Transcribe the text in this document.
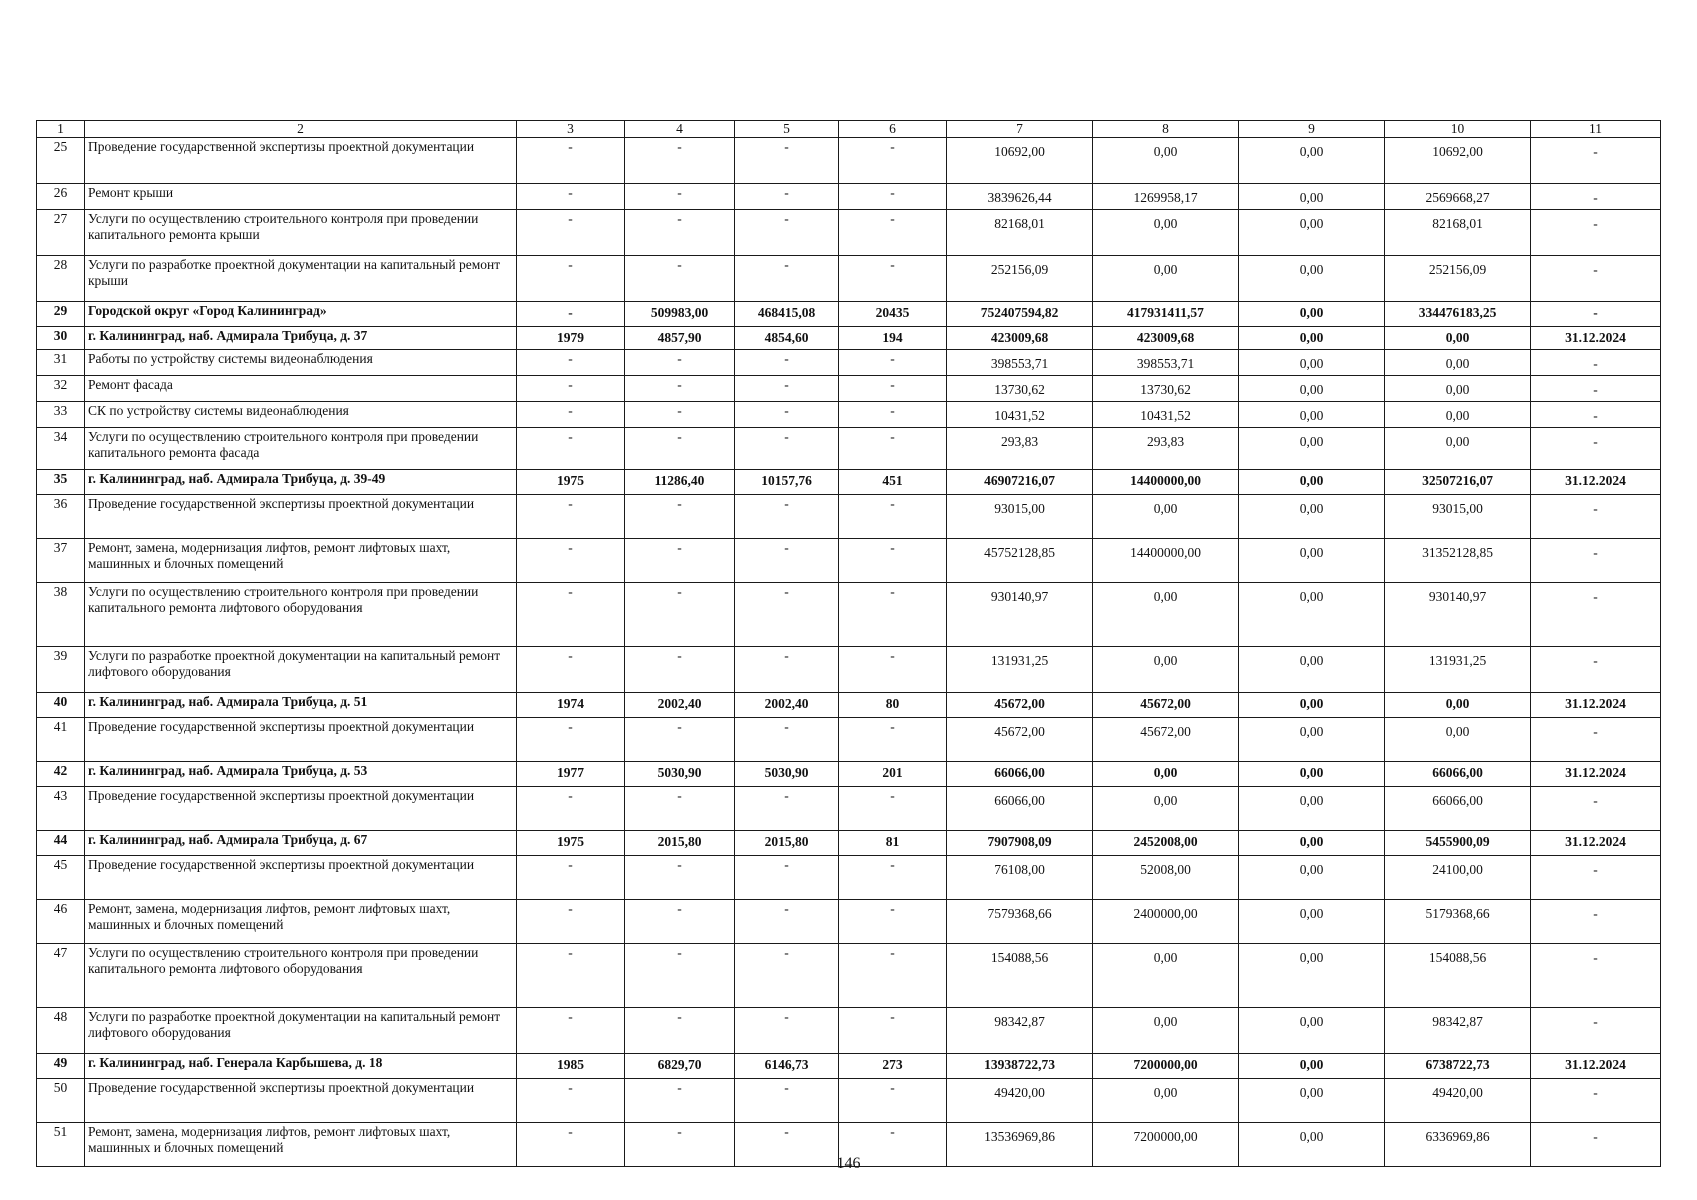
1	2	3	4	5	6	7	8	9	10	11
25	Проведение государственной экспертизы проектной документации	-	-	-	-	10692,00	0,00	0,00	10692,00	-
26	Ремонт крыши	-	-	-	-	3839626,44	1269958,17	0,00	2569668,27	-
27	Услуги по осуществлению строительного контроля при проведении капитального ремонта крыши	-	-	-	-	82168,01	0,00	0,00	82168,01	-
28	Услуги по разработке проектной документации на капитальный ремонт крыши	-	-	-	-	252156,09	0,00	0,00	252156,09	-
29	Городской округ «Город Калининград»	-	509983,00	468415,08	20435	752407594,82	417931411,57	0,00	334476183,25	-
30	г. Калининград, наб. Адмирала Трибуца, д. 37	1979	4857,90	4854,60	194	423009,68	423009,68	0,00	0,00	31.12.2024
31	Работы по устройству системы видеонаблюдения	-	-	-	-	398553,71	398553,71	0,00	0,00	-
32	Ремонт фасада	-	-	-	-	13730,62	13730,62	0,00	0,00	-
33	СК по устройству системы видеонаблюдения	-	-	-	-	10431,52	10431,52	0,00	0,00	-
34	Услуги по осуществлению строительного контроля при проведении капитального ремонта фасада	-	-	-	-	293,83	293,83	0,00	0,00	-
35	г. Калининград, наб. Адмирала Трибуца, д. 39-49	1975	11286,40	10157,76	451	46907216,07	14400000,00	0,00	32507216,07	31.12.2024
36	Проведение государственной экспертизы проектной документации	-	-	-	-	93015,00	0,00	0,00	93015,00	-
37	Ремонт, замена, модернизация лифтов, ремонт лифтовых шахт, машинных и блочных помещений	-	-	-	-	45752128,85	14400000,00	0,00	31352128,85	-
38	Услуги по осуществлению строительного контроля при проведении капитального ремонта лифтового оборудования	-	-	-	-	930140,97	0,00	0,00	930140,97	-
39	Услуги по разработке проектной документации на капитальный ремонт лифтового оборудования	-	-	-	-	131931,25	0,00	0,00	131931,25	-
40	г. Калининград, наб. Адмирала Трибуца, д. 51	1974	2002,40	2002,40	80	45672,00	45672,00	0,00	0,00	31.12.2024
41	Проведение государственной экспертизы проектной документации	-	-	-	-	45672,00	45672,00	0,00	0,00	-
42	г. Калининград, наб. Адмирала Трибуца, д. 53	1977	5030,90	5030,90	201	66066,00	0,00	0,00	66066,00	31.12.2024
43	Проведение государственной экспертизы проектной документации	-	-	-	-	66066,00	0,00	0,00	66066,00	-
44	г. Калининград, наб. Адмирала Трибуца, д. 67	1975	2015,80	2015,80	81	7907908,09	2452008,00	0,00	5455900,09	31.12.2024
45	Проведение государственной экспертизы проектной документации	-	-	-	-	76108,00	52008,00	0,00	24100,00	-
46	Ремонт, замена, модернизация лифтов, ремонт лифтовых шахт, машинных и блочных помещений	-	-	-	-	7579368,66	2400000,00	0,00	5179368,66	-
47	Услуги по осуществлению строительного контроля при проведении капитального ремонта лифтового оборудования	-	-	-	-	154088,56	0,00	0,00	154088,56	-
48	Услуги по разработке проектной документации на капитальный ремонт лифтового оборудования	-	-	-	-	98342,87	0,00	0,00	98342,87	-
49	г. Калининград, наб. Генерала Карбышева, д. 18	1985	6829,70	6146,73	273	13938722,73	7200000,00	0,00	6738722,73	31.12.2024
50	Проведение государственной экспертизы проектной документации	-	-	-	-	49420,00	0,00	0,00	49420,00	-
51	Ремонт, замена, модернизация лифтов, ремонт лифтовых шахт, машинных и блочных помещений	-	-	-	-	13536969,86	7200000,00	0,00	6336969,86	-
146
